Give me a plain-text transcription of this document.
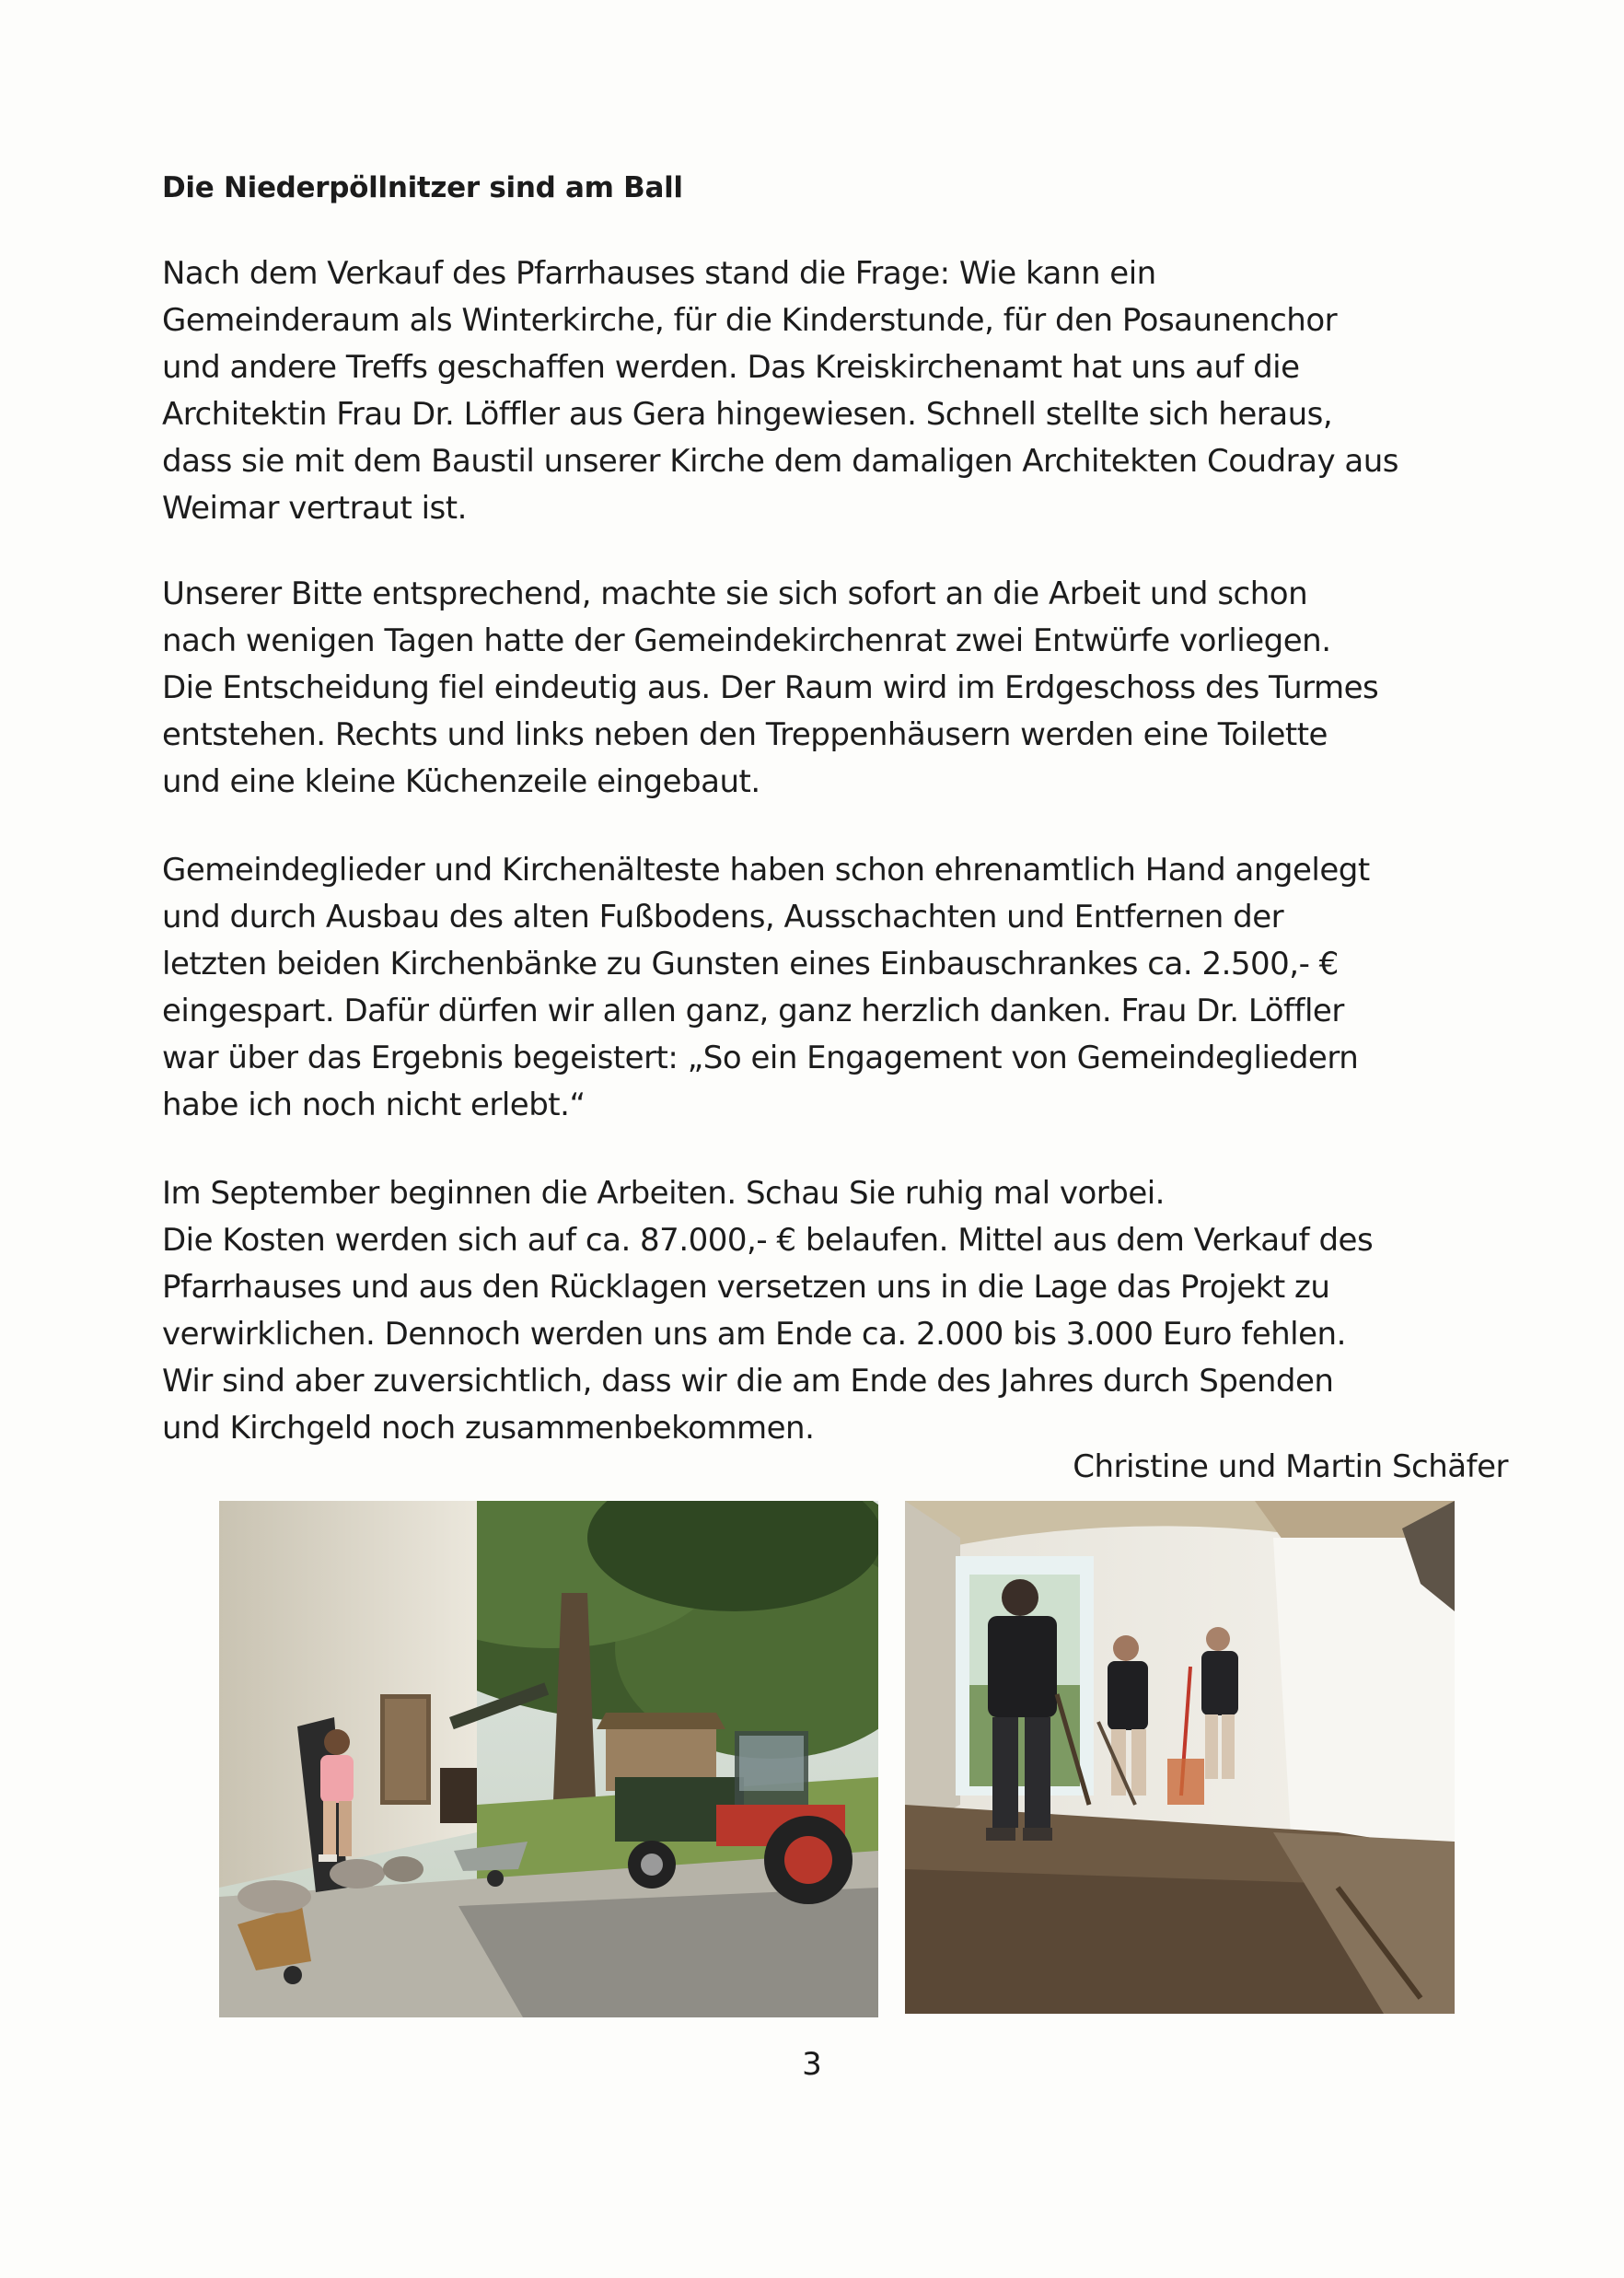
Die Niederpöllnitzer sind am Ball

Nach dem Verkauf des Pfarrhauses stand die Frage: Wie kann ein
Gemeinderaum als Winterkirche, für die Kinderstunde, für den Posaunenchor
und andere Treffs geschaffen werden. Das Kreiskirchenamt hat uns auf die
Architektin Frau Dr. Löffler aus Gera hingewiesen. Schnell stellte sich heraus,
dass sie mit dem Baustil unserer Kirche dem damaligen Architekten Coudray aus
Weimar vertraut ist.

Unserer Bitte entsprechend, machte sie sich sofort an die Arbeit und schon
nach wenigen Tagen hatte der Gemeindekirchenrat zwei Entwürfe vorliegen.
Die Entscheidung fiel eindeutig aus. Der Raum wird im Erdgeschoss des Turmes
entstehen. Rechts und links neben den Treppenhäusern werden eine Toilette
und eine kleine Küchenzeile eingebaut.

Gemeindeglieder und Kirchenälteste haben schon ehrenamtlich Hand angelegt
und durch Ausbau des alten Fußbodens, Ausschachten und Entfernen der
letzten beiden Kirchenbänke zu Gunsten eines Einbauschrankes ca. 2.500,- €
eingespart. Dafür dürfen wir allen ganz, ganz herzlich danken. Frau Dr. Löffler
war über das Ergebnis begeistert: „So ein Engagement von Gemeindegliedern
habe ich noch nicht erlebt.“

Im September beginnen die Arbeiten. Schau Sie ruhig mal vorbei.
Die Kosten werden sich auf ca. 87.000,- € belaufen. Mittel aus dem Verkauf des
Pfarrhauses und aus den Rücklagen versetzen uns in die Lage das Projekt zu
verwirklichen. Dennoch werden uns am Ende ca. 2.000 bis 3.000 Euro fehlen.
Wir sind aber zuversichtlich, dass wir die am Ende des Jahres durch Spenden
und Kirchgeld noch zusammenbekommen.

Christine und Martin Schäfer

3
